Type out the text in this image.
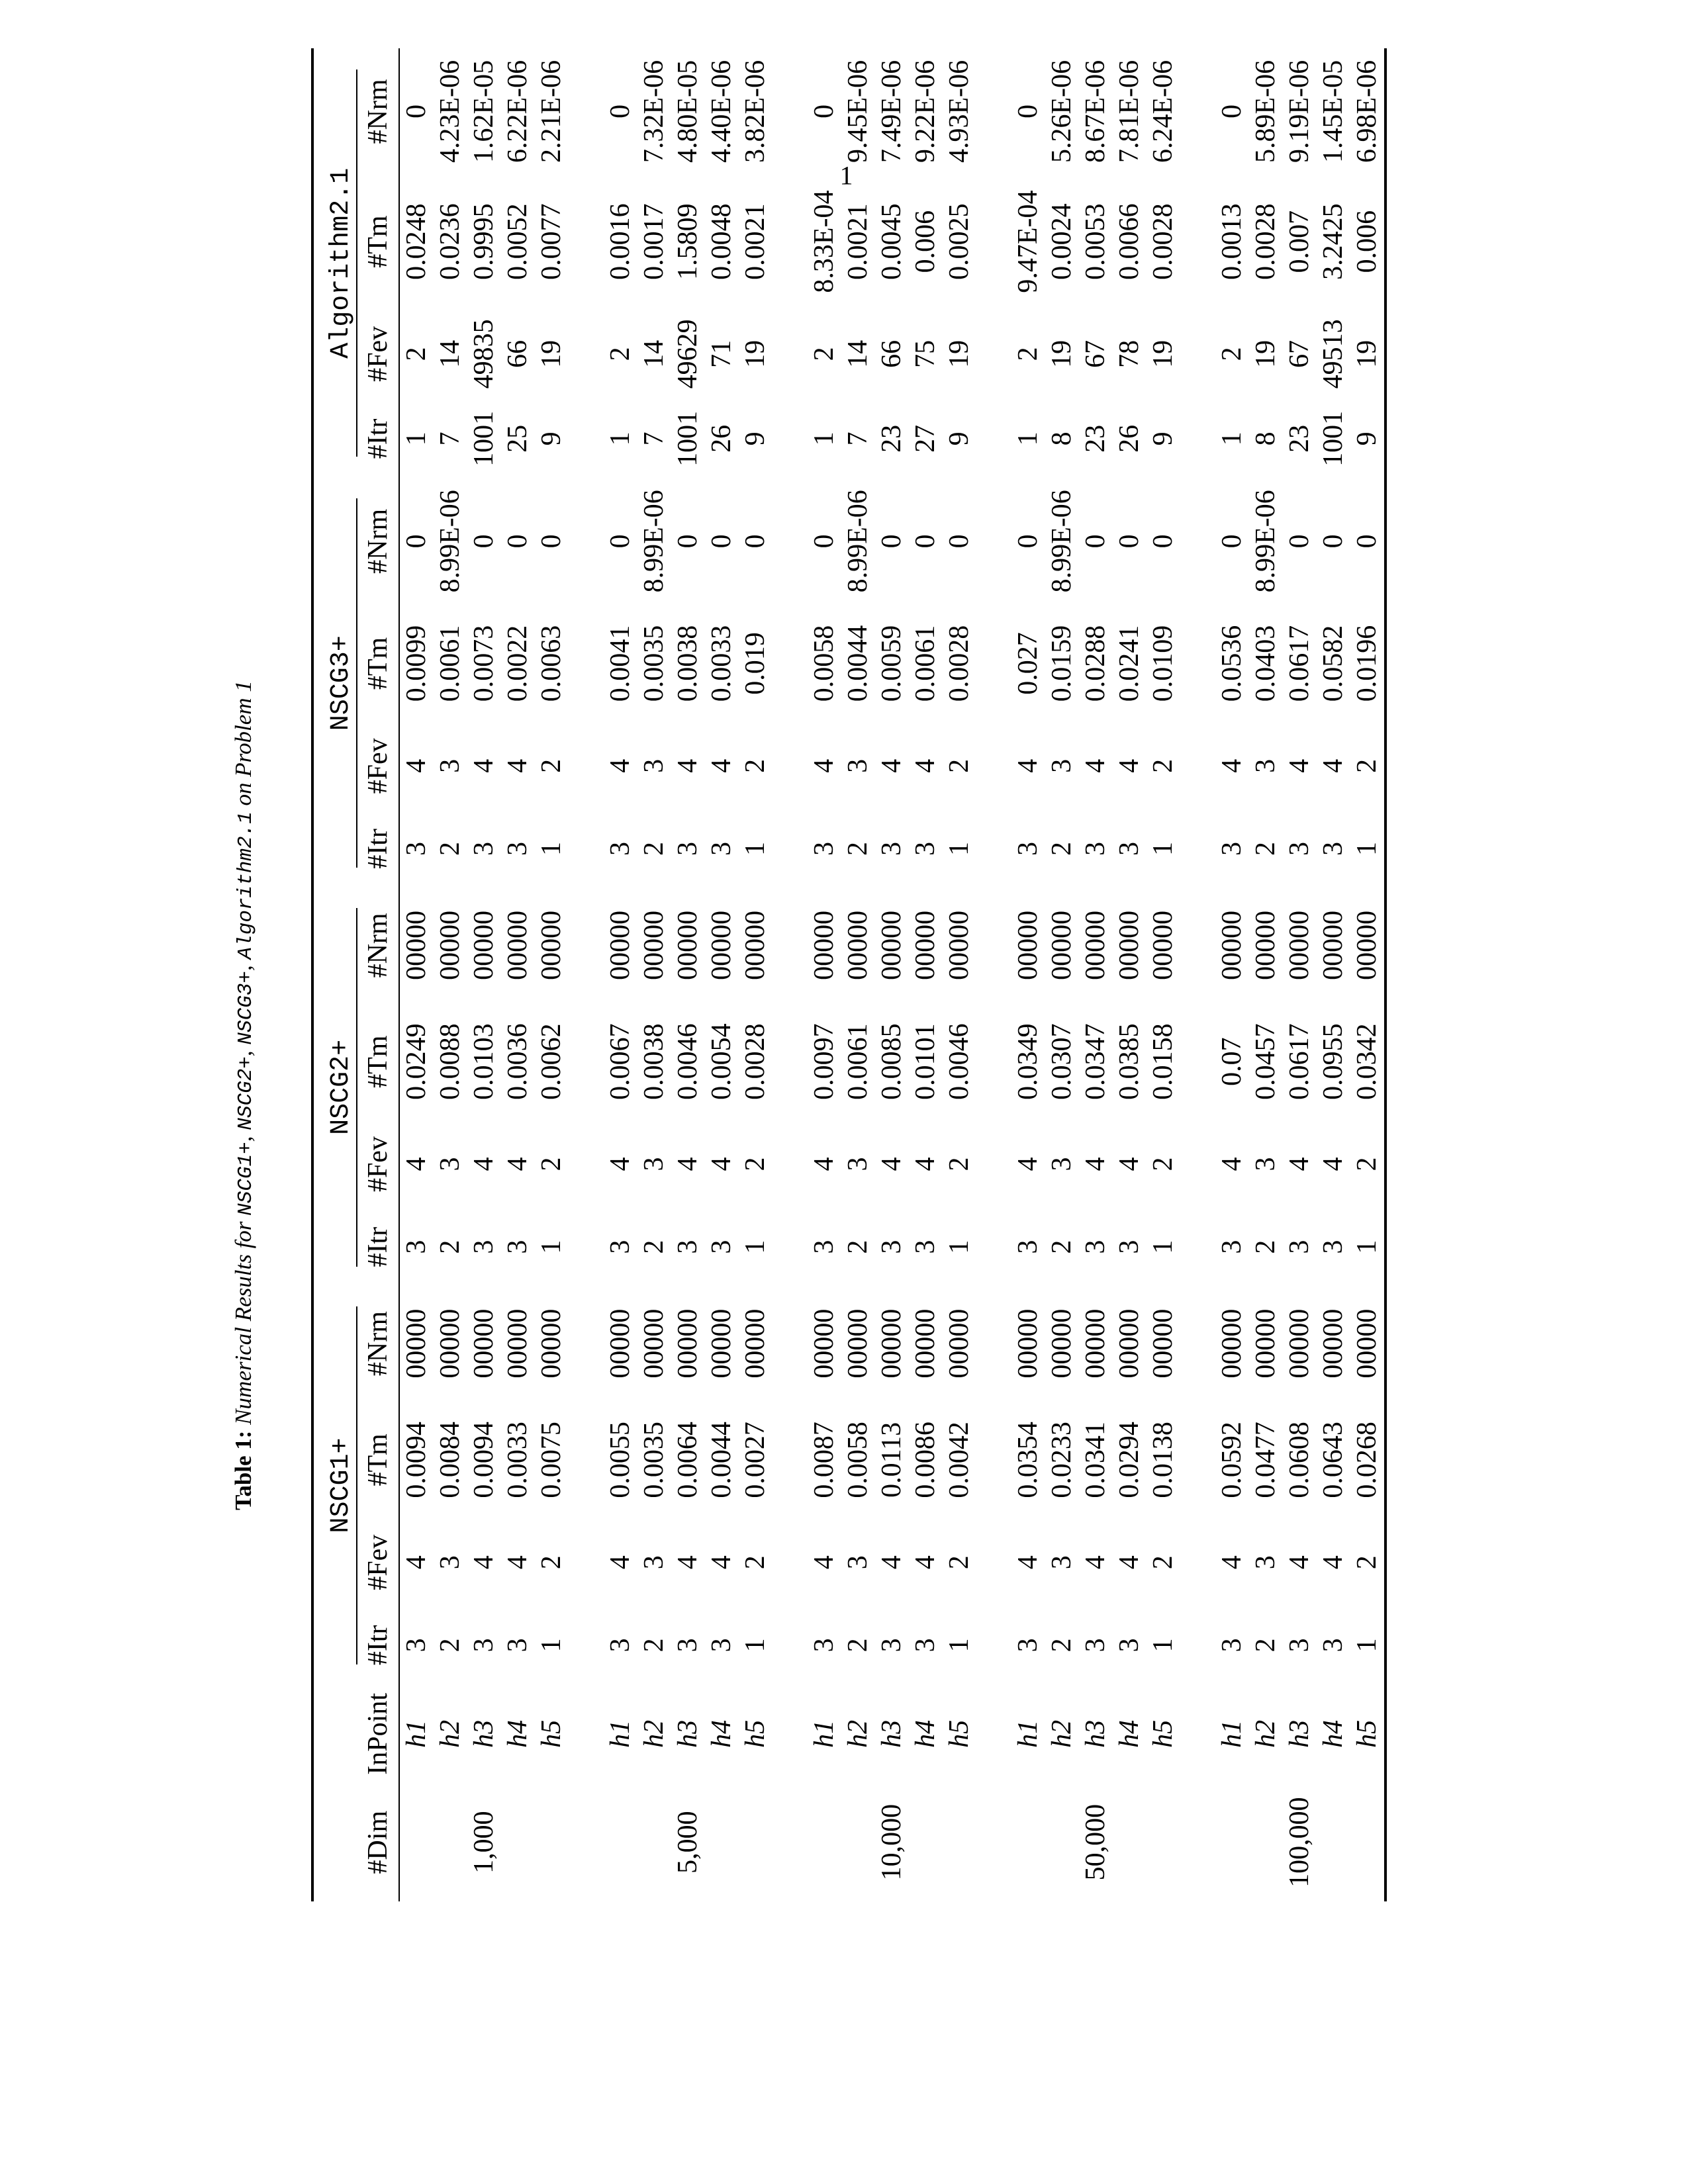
Table 1: Numerical Results for NSCG1+, NSCG2+, NSCG3+, Algorithm2.1 on Problem 1
		NSCG1+				NSCG2+				NSCG3+				Algorithm2.1			
#Dim	InPoint	#Itr	#Fev	#Tm	#Nrm	#Itr	#Fev	#Tm	#Nrm	#Itr	#Fev	#Tm	#Nrm	#Itr	#Fev	#Tm	#Nrm
	h1	3	4	0.0094	00000	3	4	0.0249	00000	3	4	0.0099	0	1	2	0.0248	0
	h2	2	3	0.0084	00000	2	3	0.0088	00000	2	3	0.0061	8.99E-06	7	14	0.0236	4.23E-06
1,000	h3	3	4	0.0094	00000	3	4	0.0103	00000	3	4	0.0073	0	1001	49835	0.9995	1.62E-05
	h4	3	4	0.0033	00000	3	4	0.0036	00000	3	4	0.0022	0	25	66	0.0052	6.22E-06
	h5	1	2	0.0075	00000	1	2	0.0062	00000	1	2	0.0063	0	9	19	0.0077	2.21E-06

	h1	3	4	0.0055	00000	3	4	0.0067	00000	3	4	0.0041	0	1	2	0.0016	0
	h2	2	3	0.0035	00000	2	3	0.0038	00000	2	3	0.0035	8.99E-06	7	14	0.0017	7.32E-06
5,000	h3	3	4	0.0064	00000	3	4	0.0046	00000	3	4	0.0038	0	1001	49629	1.5809	4.80E-05
	h4	3	4	0.0044	00000	3	4	0.0054	00000	3	4	0.0033	0	26	71	0.0048	4.40E-06
	h5	1	2	0.0027	00000	1	2	0.0028	00000	1	2	0.019	0	9	19	0.0021	3.82E-06

	h1	3	4	0.0087	00000	3	4	0.0097	00000	3	4	0.0058	0	1	2	8.33E-04	0
	h2	2	3	0.0058	00000	2	3	0.0061	00000	2	3	0.0044	8.99E-06	7	14	0.0021	9.45E-06
10,000	h3	3	4	0.0113	00000	3	4	0.0085	00000	3	4	0.0059	0	23	66	0.0045	7.49E-06
	h4	3	4	0.0086	00000	3	4	0.0101	00000	3	4	0.0061	0	27	75	0.006	9.22E-06
	h5	1	2	0.0042	00000	1	2	0.0046	00000	1	2	0.0028	0	9	19	0.0025	4.93E-06

	h1	3	4	0.0354	00000	3	4	0.0349	00000	3	4	0.027	0	1	2	9.47E-04	0
	h2	2	3	0.0233	00000	2	3	0.0307	00000	2	3	0.0159	8.99E-06	8	19	0.0024	5.26E-06
50,000	h3	3	4	0.0341	00000	3	4	0.0347	00000	3	4	0.0288	0	23	67	0.0053	8.67E-06
	h4	3	4	0.0294	00000	3	4	0.0385	00000	3	4	0.0241	0	26	78	0.0066	7.81E-06
	h5	1	2	0.0138	00000	1	2	0.0158	00000	1	2	0.0109	0	9	19	0.0028	6.24E-06

	h1	3	4	0.0592	00000	3	4	0.07	00000	3	4	0.0536	0	1	2	0.0013	0
	h2	2	3	0.0477	00000	2	3	0.0457	00000	2	3	0.0403	8.99E-06	8	19	0.0028	5.89E-06
100,000	h3	3	4	0.0608	00000	3	4	0.0617	00000	3	4	0.0617	0	23	67	0.007	9.19E-06
	h4	3	4	0.0643	00000	3	4	0.0955	00000	3	4	0.0582	0	1001	49513	3.2425	1.45E-05
	h5	1	2	0.0268	00000	1	2	0.0342	00000	1	2	0.0196	0	9	19	0.006	6.98E-06
1
